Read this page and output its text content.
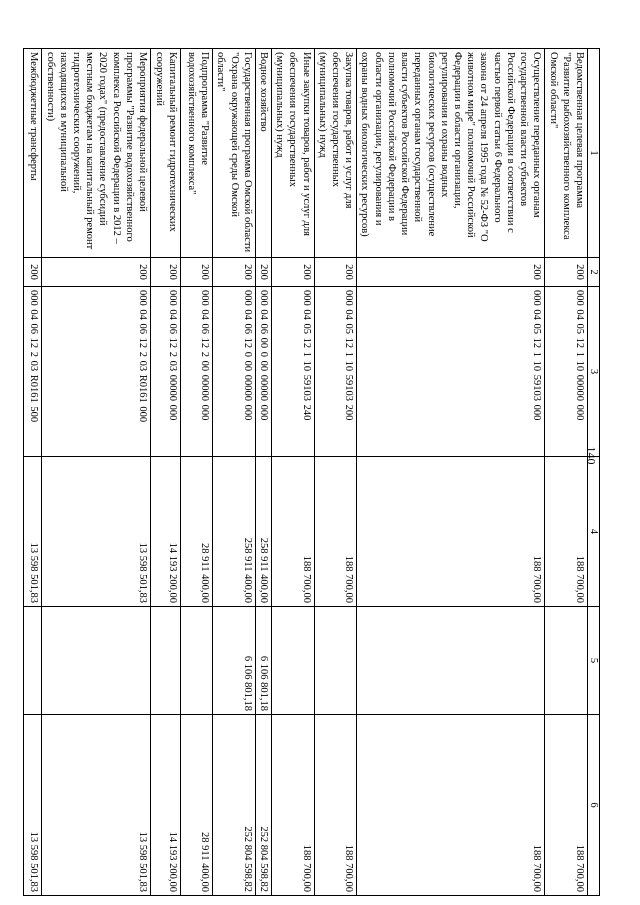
140
1	2	3	4	5	6
Ведомственная целевая программа "Развитие рыбохозяйственного комплекса Омской области"	200	000 04 05 12 1 10 00000 000	188 700,00		188 700,00
Осуществление переданных органам государственной власти субъектов Российской Федерации в соответствии с частью первой статьи 6 Федерального закона от 24 апреля 1995 года № 52-ФЗ "О животном мире" полномочий Российской Федерации в области организации, регулирования и охраны водных биологических ресурсов (осуществление переданных органам государственной власти субъектов Российской Федерации полномочий Российской Федерации в области организации, регулирования и охраны водных биологических ресурсов)	200	000 04 05 12 1 10 59103 000	188 700,00		188 700,00
Закупка товаров, работ и услуг для обеспечения государственных (муниципальных) нужд	200	000 04 05 12 1 10 59103 200	188 700,00		188 700,00
Иные закупки товаров, работ и услуг для обеспечения государственных (муниципальных) нужд	200	000 04 05 12 1 10 59103 240	188 700,00		188 700,00
Водное хозяйство	200	000 04 06 00 0 00 00000 000	258 911 400,00	6 106 801,18	252 804 598,82
Государственная программа Омской области "Охрана окружающей среды Омской области"	200	000 04 06 12 0 00 00000 000	258 911 400,00	6 106 801,18	252 804 598,82
Подпрограмма "Развитие водохозяйственного комплекса"	200	000 04 06 12 2 00 00000 000	28 911 400,00		28 911 400,00
Капитальный ремонт гидротехнических сооружений	200	000 04 06 12 2 03 00000 000	14 193 200,00		14 193 200,00
Мероприятия федеральной целевой программы "Развитие водохозяйственного комплекса Российской Федерации в 2012 – 2020 годах" (предоставление субсидий местным бюджетам на капитальный ремонт гидротехнических сооружений, находящихся в муниципальной собственности)	200	000 04 06 12 2 03 R0161 000	13 598 501,83		13 598 501,83
Межбюджетные трансферты	200	000 04 06 12 2 03 R0161 500	13 598 501,83		13 598 501,83
